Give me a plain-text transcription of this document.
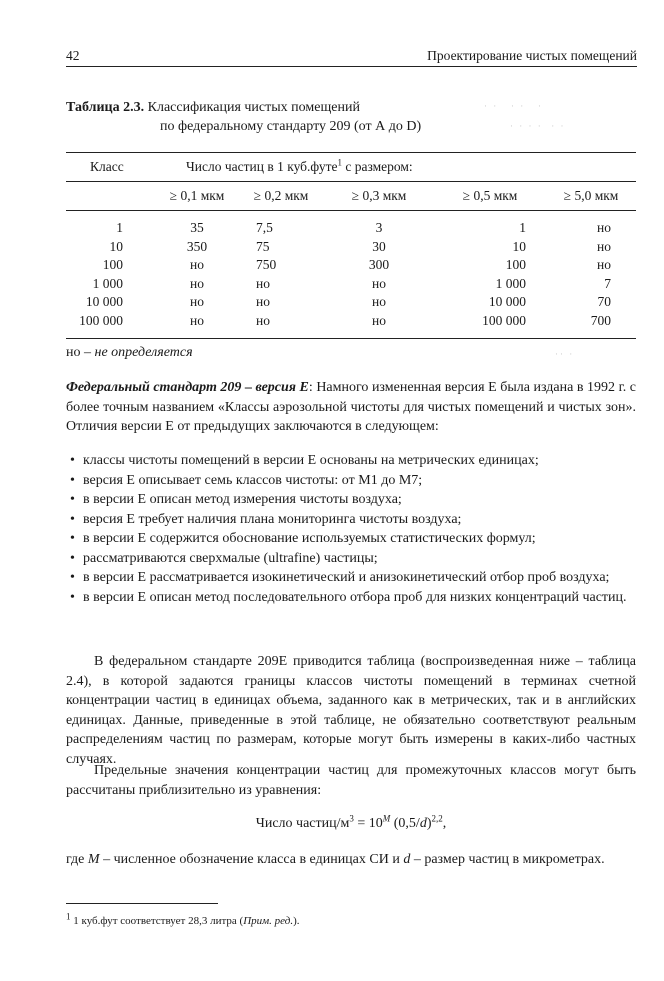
42	Проектирование чистых помещений
Таблица 2.3. Классификация чистых помещений
по федеральному стандарту 209 (от А до D)
· ·   · ·   ·
· · · ·  · ·
Класс	Число частиц в 1 куб.футе$^1$ с размером:				
	≥ 0,1 мкм	≥ 0,2 мкм	≥ 0,3 мкм	≥ 0,5 мкм	≥ 5,0 мкм
1	35	7,5	3	1	но
10	350	75	30	10	но
100	но	750	300	100	но
1 000	но	но	но	1 000	7
10 000	но	но	но	10 000	70
100 000	но	но	но	100 000	700
но – не определяется	·· ·
Федеральный стандарт 209 – версия Е: Намного измененная версия Е была издана в 1992 г. с более точным названием «Классы аэрозольной чистоты для чистых помещений и чистых зон». Отличия версии Е от предыдущих заключаются в следующем:
• классы чистоты помещений в версии Е основаны на метрических единицах;
• версия Е описывает семь классов чистоты: от М1 до М7;
• в версии Е описан метод измерения чистоты воздуха;
• версия Е требует наличия плана мониторинга чистоты воздуха;
• в версии Е содержится обоснование используемых статистических формул;
• рассматриваются сверхмалые (ultrafine) частицы;
• в версии Е рассматривается изокинетический и анизокинетический отбор проб воздуха;
• в версии Е описан метод последовательного отбора проб для низких концентраций частиц.
В федеральном стандарте 209Е приводится таблица (воспроизведенная ниже – таблица 2.4), в которой задаются границы классов чистоты помещений в терминах счетной концентрации частиц в единицах объема, заданного как в метрических, так и в английских единицах. Данные, приведенные в этой таблице, не обязательно соответствуют реальным распределениям частиц по размерам, которые могут быть измерены в каких-либо частных случаях.
Предельные значения концентрации частиц для промежуточных классов могут быть рассчитаны приблизительно из уравнения:
Число частиц/$м^3 = 10^M$ $(0,5/d)^{2,2}$,
где M – численное обозначение класса в единицах СИ и d – размер частиц в микрометрах.
$^1$ 1 куб.фут соответствует 28,3 литра (Прим. ред.).
